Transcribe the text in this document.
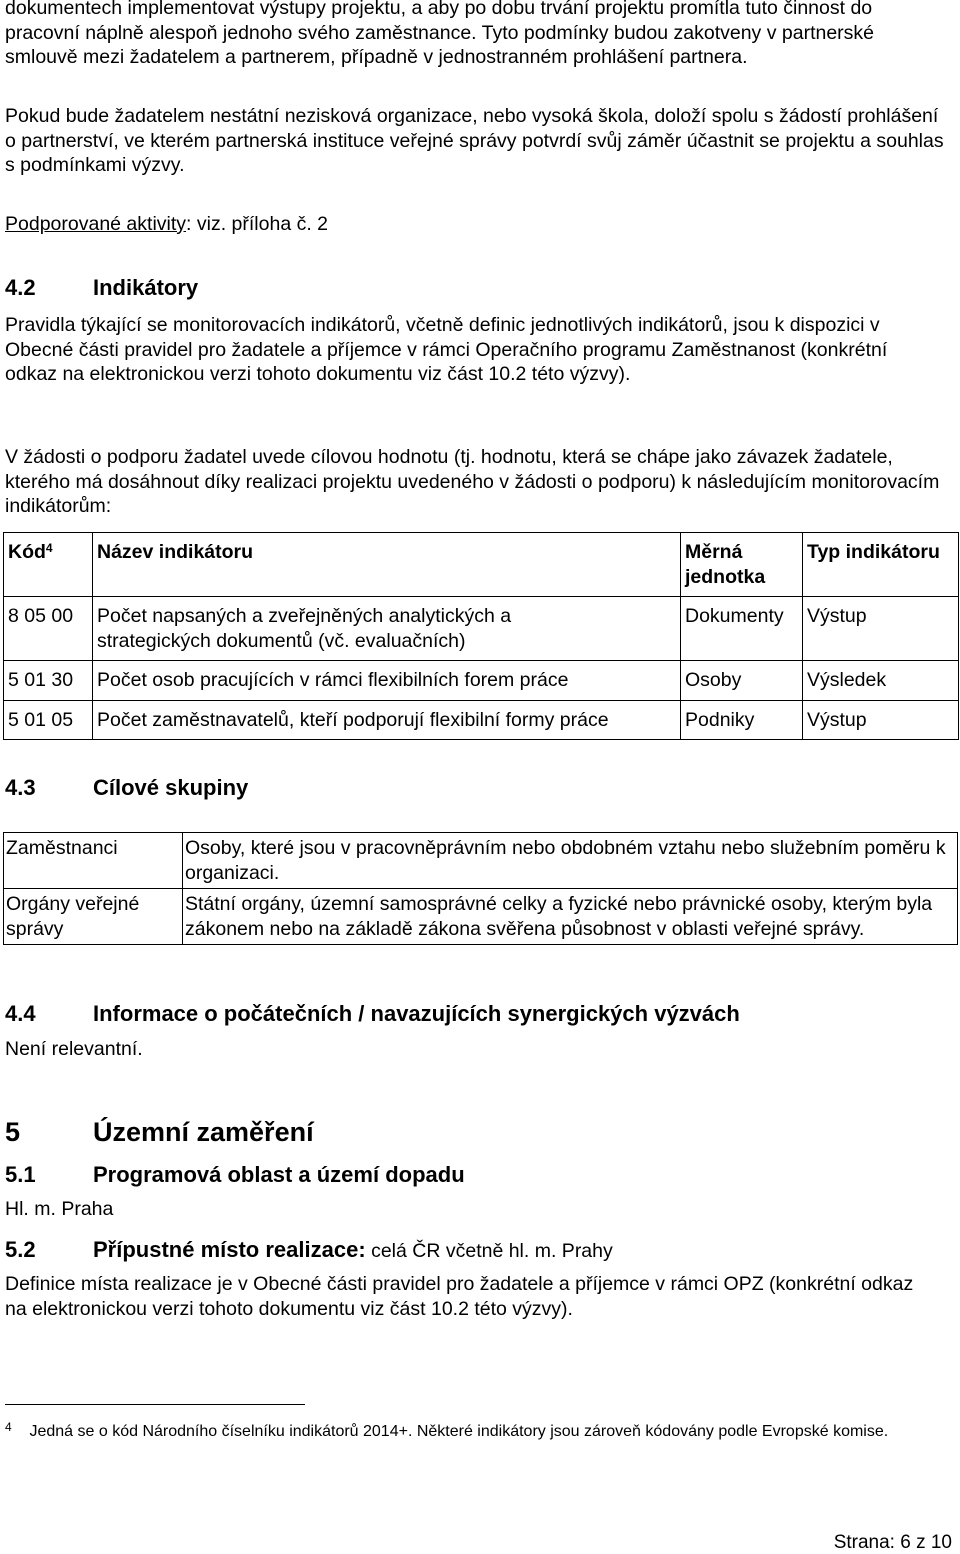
dokumentech implementovat výstupy projektu, a aby po dobu trvání projektu promítla tuto činnost do pracovní náplně alespoň jednoho svého zaměstnance. Tyto podmínky budou zakotveny v partnerské smlouvě mezi žadatelem a partnerem, případně v jednostranném prohlášení partnera.

Pokud bude žadatelem nestátní nezisková organizace, nebo vysoká škola, doloží spolu s žádostí prohlášení o partnerství, ve kterém partnerská instituce veřejné správy potvrdí svůj záměr účastnit se projektu a souhlas s podmínkami výzvy.

Podporované aktivity: viz. příloha č. 2

4.2	Indikátory

Pravidla týkající se monitorovacích indikátorů, včetně definic jednotlivých indikátorů, jsou k dispozici v Obecné části pravidel pro žadatele a příjemce v rámci Operačního programu Zaměstnanost (konkrétní odkaz na elektronickou verzi tohoto dokumentu viz část 10.2 této výzvy).

V žádosti o podporu žadatel uvede cílovou hodnotu (tj. hodnotu, která se chápe jako závazek žadatele, kterého má dosáhnout díky realizaci projektu uvedeného v žádosti o podporu) k následujícím monitorovacím indikátorům:

Kód$^4$	Název indikátoru	Měrná jednotka	Typ indikátoru
8 05 00	Počet napsaných a zveřejněných analytických a strategických dokumentů (vč. evaluačních)	Dokumenty	Výstup
5 01 30	Počet osob pracujících v rámci flexibilních forem práce	Osoby	Výsledek
5 01 05	Počet zaměstnavatelů, kteří podporují flexibilní formy práce	Podniky	Výstup
4.3	Cílové skupiny
Zaměstnanci	Osoby, které jsou v pracovněprávním nebo obdobném vztahu nebo služebním poměru k organizaci.
Orgány veřejné správy	Státní orgány, územní samosprávné celky a fyzické nebo právnické osoby, kterým byla zákonem nebo na základě zákona svěřena působnost v oblasti veřejné správy.
4.4	Informace o počátečních / navazujících synergických výzvách

Není relevantní.

5	Územní zaměření
5.1	Programová oblast a území dopadu

Hl. m. Praha

5.2	Přípustné místo realizace: celá ČR včetně hl. m. Prahy

Definice místa realizace je v Obecné části pravidel pro žadatele a příjemce v rámci OPZ (konkrétní odkaz na elektronickou verzi tohoto dokumentu viz část 10.2 této výzvy).

$^4$ Jedná se o kód Národního číselníku indikátorů 2014+. Některé indikátory jsou zároveň kódovány podle Evropské komise.

Strana: 6 z 10
